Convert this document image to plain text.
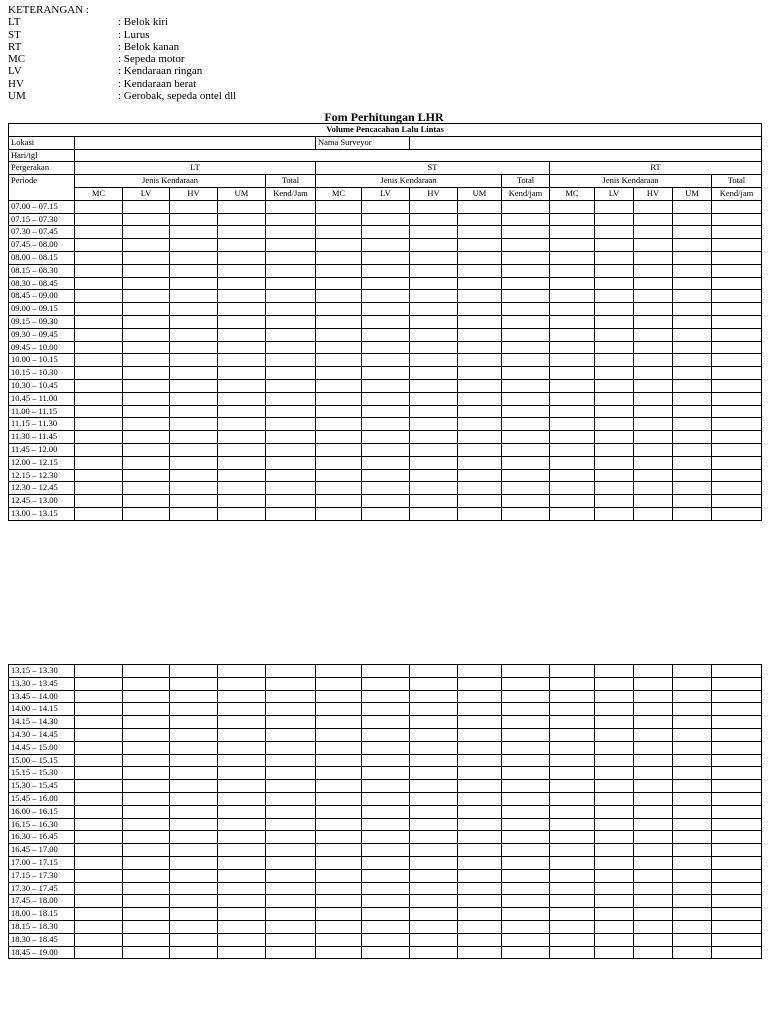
KETERANGAN :
LT	: Belok kiri
ST	: Lurus
RT	: Belok kanan
MC	: Sepeda motor
LV	: Kendaraan ringan
HV	: Kendaraan berat
UM	: Gerobak, sepeda ontel dll
Fom Perhitungan LHR
Volume Pencacahan Lalu Lintas															
Lokasi						Nama Surveyor									
Hari/tgl															
Pergerakan	LT					ST					RT				
Periode	Jenis Kendaraan				Total	Jenis Kendaraan				Total	Jenis Kendaraan				Total
	MC	LV	HV	UM	Kend/Jam	MC	LV	HV	UM	Kend/jam	MC	LV	HV	UM	Kend/jam
07.00 – 07.15															
07.15 – 07.30															
07.30 – 07.45															
07.45 – 08.00															
08.00 – 08.15															
08.15 – 08.30															
08.30 – 08.45															
08.45 – 09.00															
09.00 – 09.15															
09.15 – 09.30															
09.30 – 09.45															
09.45 – 10.00															
10.00 – 10.15															
10.15 – 10.30															
10.30 – 10.45															
10.45 – 11.00															
11.00 – 11.15															
11.15 – 11.30															
11.30 – 11.45															
11.45 – 12.00															
12.00 – 12.15															
12.15 – 12.30															
12.30 – 12.45															
12.45 – 13.00															
13.00 – 13.15															
13.15 – 13.30															
13.30 – 13.45															
13.45 – 14.00															
14.00 – 14.15															
14.15 – 14.30															
14.30 – 14.45															
14.45 – 15.00															
15.00 – 15.15															
15.15 – 15.30															
15.30 – 15.45															
15.45 – 16.00															
16.00 – 16.15															
16.15 – 16.30															
16.30 – 16.45															
16.45 – 17.00															
17.00 – 17.15															
17.15 – 17.30															
17.30 – 17.45															
17.45 – 18.00															
18.00 – 18.15															
18.15 – 18.30															
18.30 – 18.45															
18.45 – 19.00															
